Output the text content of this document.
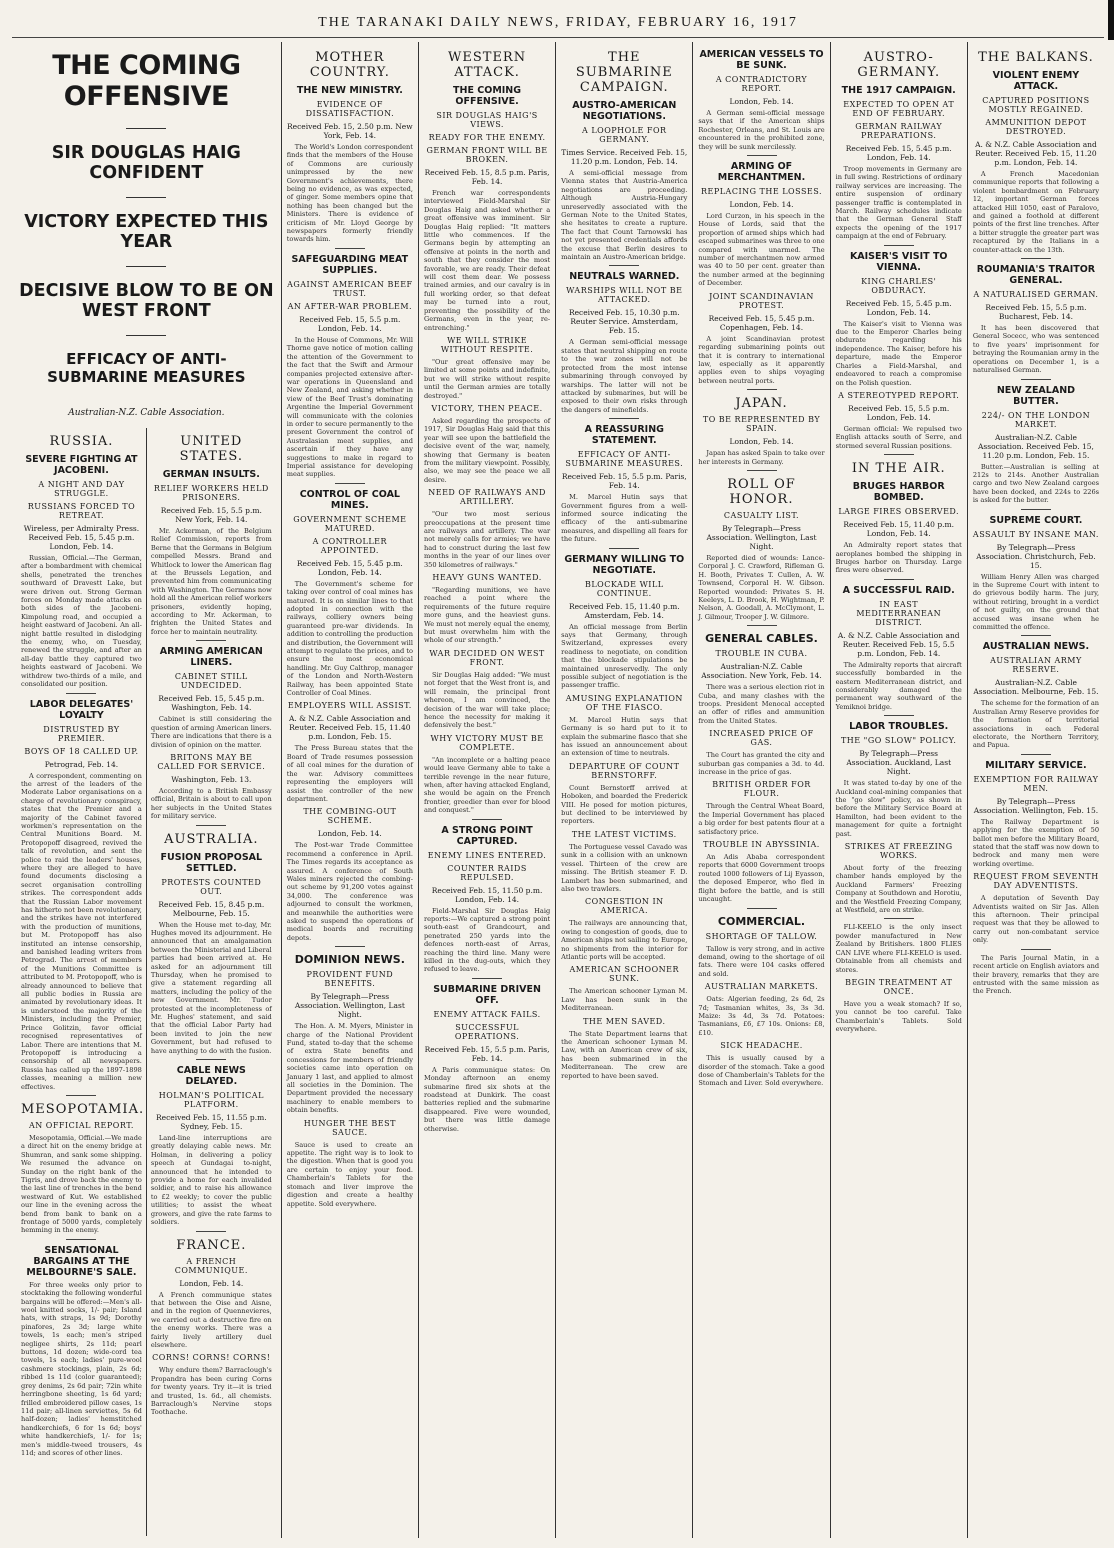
THE TARANAKI DAILY NEWS, FRIDAY, FEBRUARY 16, 1917
THE COMING OFFENSIVE
SIR DOUGLAS HAIG CONFIDENT
VICTORY EXPECTED THIS YEAR
DECISIVE BLOW TO BE ON WEST FRONT
EFFICACY OF ANTI-SUBMARINE MEASURES
Australian-N.Z. Cable Association.
RUSSIA.
SEVERE FIGHTING AT JACOBENI.
A NIGHT AND DAY STRUGGLE.
RUSSIANS FORCED TO RETREAT.
Wireless, per Admiralty Press. Received Feb. 15, 5.45 p.m. London, Feb. 14.

Russian, Official.—The German, after a bombardment with chemical shells, penetrated the trenches southward of Dravestt Lake, but were driven out. Strong German forces on Monday made attacks on both sides of the Jacobeni-Kimpolung road, and occupied a height eastward of Jacobeni. An all-night battle resulted in dislodging the enemy, who, on Tuesday, renewed the struggle, and after an all-day battle they captured two heights eastward of Jacobeni. We withdrew two-thirds of a mile, and consolidated our position.

LABOR DELEGATES' LOYALTY
DISTRUSTED BY PREMIER.
BOYS OF 18 CALLED UP.
Petrograd, Feb. 14.

A correspondent, commenting on the arrest of the leaders of the Moderate Labor organisations on a charge of revolutionary conspiracy, states that the Premier and a majority of the Cabinet favored workmen's representation on the Central Munitions Board. M. Protopopoff disagreed, revived the talk of revolution, and sent the police to raid the leaders' houses, where they are alleged to have found documents disclosing a secret organisation controlling strikes. The correspondent adds that the Russian Labor movement has hitherto not been revolutionary, and the strikes have not interfered with the production of munitions, but M. Protopopoff has also instituted an intense censorship, and banished leading writers from Petrograd. The arrest of members of the Munitions Committee is attributed to M. Protopopoff, who is already announced to believe that all public bodies in Russia are animated by revolutionary ideas. It is understood the majority of the Ministers, including the Premier, Prince Golitzin, favor official recognised representatives of Labor. There are intentions that M. Protopopoff is introducing a censorship of all newspapers. Russia has called up the 1897-1898 classes, meaning a million new effectives.

MESOPOTAMIA.
AN OFFICIAL REPORT.

Mesopotamia, Official.—We made a direct hit on the enemy bridge at Shumran, and sank some shipping. We resumed the advance on Sunday on the right bank of the Tigris, and drove back the enemy to the last line of trenches in the bend westward of Kut. We established our line in the evening across the bend from bank to bank on a frontage of 5000 yards, completely hemming in the enemy.

SENSATIONAL BARGAINS AT THE MELBOURNE'S SALE.

For three weeks only prior to stocktaking the following wonderful bargains will be offered:—Men's all-wool knitted socks, 1/- pair; Island hats, with straps, 1s 9d; Dorothy pinafores, 2s 3d; large white towels, 1s each; men's striped negligee shirts, 2s 11d; pearl buttons, 1d dozen; wide-cord tea towels, 1s each; ladies' pure-wool cashmere stockings, plain, 2s 6d; ribbed 1s 11d (color guaranteed); grey denims, 2s 6d pair; 72in white herringbone sheeting, 1s 6d yard; frilled embroidered pillow cases, 1s 11d pair; all-linen serviettes, 5s 6d half-dozen; ladies' hemstitched handkerchiefs, 6 for 1s 6d; boys' white handkerchiefs, 1/- for 1s; men's middle-tweed trousers, 4s 11d; and scores of other lines.

UNITED STATES.
GERMAN INSULTS.
RELIEF WORKERS HELD PRISONERS.
Received Feb. 15, 5.5 p.m. New York, Feb. 14.

Mr. Ackerman, of the Belgium Relief Commission, reports from Berne that the Germans in Belgium compelled Messrs. Brand and Whitlock to lower the American flag at the Brussels Legation, and prevented him from communicating with Washington. The Germans now hold all the American relief workers prisoners, evidently hoping, according to Mr. Ackerman, to frighten the United States and force her to maintain neutrality.

ARMING AMERICAN LINERS.
CABINET STILL UNDECIDED.
Received Feb. 15, 5.45 p.m. Washington, Feb. 14.

Cabinet is still considering the question of arming American liners. There are indications that there is a division of opinion on the matter.

BRITONS MAY BE CALLED FOR SERVICE.
Washington, Feb. 13.

According to a British Embassy official, Britain is about to call upon her subjects in the United States for military service.

AUSTRALIA.
FUSION PROPOSAL SETTLED.
PROTESTS COUNTED OUT.
Received Feb. 15, 8.45 p.m. Melbourne, Feb. 15.

When the House met to-day, Mr. Hughes moved its adjournment. He announced that an amalgamation between the Ministerial and Liberal parties had been arrived at. He asked for an adjournment till Thursday, when he promised to give a statement regarding all matters, including the policy of the new Government. Mr. Tudor protested at the incompleteness of Mr. Hughes' statement, and said that the official Labor Party had been invited to join the new Government, but had refused to have anything to do with the fusion.

CABLE NEWS DELAYED.
HOLMAN'S POLITICAL PLATFORM.
Received Feb. 15, 11.55 p.m. Sydney, Feb. 15.

Land-line interruptions are greatly delaying cable news. Mr. Holman, in delivering a policy speech at Gundagai to-night, announced that he intended to provide a home for each invalided soldier, and to raise his allowance to £2 weekly; to cover the public utilities; to assist the wheat growers, and give the rate farms to soldiers.

FRANCE.
A FRENCH COMMUNIQUE.
London, Feb. 14.

A French communique states that between the Oise and Aisne, and in the region of Quennevieres, we carried out a destructive fire on the enemy works. There was a fairly lively artillery duel elsewhere.

CORNS! CORNS! CORNS!

Why endure them? Barraclough's Propandra has been curing Corns for twenty years. Try it—it is tried and trusted, 1s. 6d., all chemists. Barraclough's Nervine stops Toothache.

MOTHER COUNTRY.
THE NEW MINISTRY.
EVIDENCE OF DISSATISFACTION.
Received Feb. 15, 2.50 p.m. New York, Feb. 14.

The World's London correspondent finds that the members of the House of Commons are curiously unimpressed by the new Government's achievements, there being no evidence, as was expected, of ginger. Some members opine that nothing has been changed but the Ministers. There is evidence of criticism of Mr. Lloyd George by newspapers formerly friendly towards him.

SAFEGUARDING MEAT SUPPLIES.
AGAINST AMERICAN BEEF TRUST.
AN AFTER-WAR PROBLEM.
Received Feb. 15, 5.5 p.m. London, Feb. 14.

In the House of Commons, Mr. Will Thorne gave notice of motion calling the attention of the Government to the fact that the Swift and Armour companies projected extensive after-war operations in Queensland and New Zealand, and asking whether in view of the Beef Trust's dominating Argentine the Imperial Government will communicate with the colonies in order to secure permanently to the present Government the control of Australasian meat supplies, and ascertain if they have any suggestions to make in regard to Imperial assistance for developing meat supplies.

CONTROL OF COAL MINES.
GOVERNMENT SCHEME MATURED.
A CONTROLLER APPOINTED.
Received Feb. 15, 5.45 p.m. London, Feb. 14.

The Government's scheme for taking over control of coal mines has matured. It is on similar lines to that adopted in connection with the railways, colliery owners being guaranteed pre-war dividends. In addition to controlling the production and distribution, the Government will attempt to regulate the prices, and to ensure the most economical handling. Mr. Guy Calthrop, manager of the London and North-Western Railway, has been appointed State Controller of Coal Mines.

EMPLOYERS WILL ASSIST.
A. & N.Z. Cable Association and Reuter. Received Feb. 15, 11.40 p.m. London, Feb. 15.

The Press Bureau states that the Board of Trade resumes possession of all coal mines for the duration of the war. Advisory committees representing the employers will assist the controller of the new department.

THE COMBING-OUT SCHEME.
London, Feb. 14.

The Post-war Trade Committee recommend a conference in April. The Times regards its acceptance as assured. A conference of South Wales miners rejected the combing-out scheme by 91,200 votes against 34,000. The conference was adjourned to consult the workmen, and meanwhile the authorities were asked to suspend the operations of medical boards and recruiting depots.

DOMINION NEWS.
PROVIDENT FUND BENEFITS.
By Telegraph—Press Association. Wellington, Last Night.

The Hon. A. M. Myers, Minister in charge of the National Provident Fund, stated to-day that the scheme of extra State benefits and concessions for members of friendly societies came into operation on January 1 last, and applied to almost all societies in the Dominion. The Department provided the necessary machinery to enable members to obtain benefits.

HUNGER THE BEST SAUCE.

Sauce is used to create an appetite. The right way is to look to the digestion. When that is good you are certain to enjoy your food. Chamberlain's Tablets for the stomach and liver improve the digestion and create a healthy appetite. Sold everywhere.

WESTERN ATTACK.
THE COMING OFFENSIVE.
SIR DOUGLAS HAIG'S VIEWS.
READY FOR THE ENEMY.
GERMAN FRONT WILL BE BROKEN.
Received Feb. 15, 8.5 p.m. Paris, Feb. 14.

French war correspondents interviewed Field-Marshal Sir Douglas Haig and asked whether a great offensive was imminent. Sir Douglas Haig replied: "It matters little who commences. If the Germans begin by attempting an offensive at points in the north and south that they consider the most favorable, we are ready. Their defeat will cost them dear. We possess trained armies, and our cavalry is in full working order, so that defeat may be turned into a rout, preventing the possibility of the Germans, even in the year, re-entrenching."

WE WILL STRIKE WITHOUT RESPITE.

"Our great offensive may be limited at some points and indefinite, but we will strike without respite until the German armies are totally destroyed."

VICTORY, THEN PEACE.

Asked regarding the prospects of 1917, Sir Douglas Haig said that this year will see upon the battlefield the decisive event of the war, namely, showing that Germany is beaten from the military viewpoint. Possibly, also, we may see the peace we all desire.

NEED OF RAILWAYS AND ARTILLERY.

"Our two most serious preoccupations at the present time are railways and artillery. The war not merely calls for armies; we have had to construct during the last few months in the year of our lines over 350 kilometres of railways."

HEAVY GUNS WANTED.

"Regarding munitions, we have reached a point where the requirements of the future require more guns, and the heaviest guns. We must not merely equal the enemy, but must overwhelm him with the whole of our strength."

WAR DECIDED ON WEST FRONT.

Sir Douglas Haig added: "We must not forget that the West front is, and will remain, the principal front whereon, I am convinced, the decision of the war will take place; hence the necessity for making it defensively the best."

WHY VICTORY MUST BE COMPLETE.

"An incomplete or a halting peace would leave Germany able to take a terrible revenge in the near future, when, after having attacked England, she would be again on the French frontier, greedier than ever for blood and conquest."

A STRONG POINT CAPTURED.
ENEMY LINES ENTERED.
COUNTER RAIDS REPULSED.
Received Feb. 15, 11.50 p.m. London, Feb. 14.

Field-Marshal Sir Douglas Haig reports:—We captured a strong point south-east of Grandcourt, and penetrated 250 yards into the defences north-east of Arras, reaching the third line. Many were killed in the dug-outs, which they refused to leave.

SUBMARINE DRIVEN OFF.
ENEMY ATTACK FAILS.
SUCCESSFUL OPERATIONS.
Received Feb. 15, 5.5 p.m. Paris, Feb. 14.

A Paris communique states: On Monday afternoon an enemy submarine fired six shots at the roadstead at Dunkirk. The coast batteries replied and the submarine disappeared. Five were wounded, but there was little damage otherwise.

THE SUBMARINE CAMPAIGN.
AUSTRO-AMERICAN NEGOTIATIONS.
A LOOPHOLE FOR GERMANY.
Times Service. Received Feb. 15, 11.20 p.m. London, Feb. 14.

A semi-official message from Vienna states that Austria-America negotiations are proceeding. Although Austria-Hungary unreservedly associated with the German Note to the United States, she hesitates to create a rupture. The fact that Count Tarnowski has not yet presented credentials affords the excuse that Berlin desires to maintain an Austro-American bridge.

NEUTRALS WARNED.
WARSHIPS WILL NOT BE ATTACKED.
Received Feb. 15, 10.30 p.m. Reuter Service. Amsterdam, Feb. 15.

A German semi-official message states that neutral shipping en route to the war zones will not be protected from the most intense submarining through convoyed by warships. The latter will not be attacked by submarines, but will be exposed to their own risks through the dangers of minefields.

A REASSURING STATEMENT.
EFFICACY OF ANTI-SUBMARINE MEASURES.
Received Feb. 15, 5.5 p.m. Paris, Feb. 14.

M. Marcel Hutin says that Government figures from a well-informed source indicating the efficacy of the anti-submarine measures, and dispelling all fears for the future.

GERMANY WILLING TO NEGOTIATE.
BLOCKADE WILL CONTINUE.
Received Feb. 15, 11.40 p.m. Amsterdam, Feb. 14.

An official message from Berlin says that Germany, through Switzerland, expresses every readiness to negotiate, on condition that the blockade stipulations be maintained unreservedly. The only possible subject of negotiation is the passenger traffic.

AMUSING EXPLANATION OF THE FIASCO.

M. Marcel Hutin says that Germany is so hard put to it to explain the submarine fiasco that she has issued an announcement about an extension of time to neutrals.

DEPARTURE OF COUNT BERNSTORFF.

Count Bernstorff arrived at Hoboken, and boarded the Frederick VIII. He posed for motion pictures, but declined to be interviewed by reporters.

THE LATEST VICTIMS.

The Portuguese vessel Cavado was sunk in a collision with an unknown vessel. Thirteen of the crew are missing. The British steamer F. D. Lambert has been submarined, and also two trawlers.

CONGESTION IN AMERICA.

The railways are announcing that, owing to congestion of goods, due to American ships not sailing to Europe, no shipments from the interior for Atlantic ports will be accepted.

AMERICAN SCHOONER SUNK.

The American schooner Lyman M. Law has been sunk in the Mediterranean.

THE MEN SAVED.

The State Department learns that the American schooner Lyman M. Law, with an American crew of six, has been submarined in the Mediterranean. The crew are reported to have been saved.

AMERICAN VESSELS TO BE SUNK.
A CONTRADICTORY REPORT.
London, Feb. 14.

A German semi-official message says that if the American ships Rochester, Orleans, and St. Louis are encountered in the prohibited zone, they will be sunk mercilessly.

ARMING OF MERCHANTMEN.
REPLACING THE LOSSES.
London, Feb. 14.

Lord Curzon, in his speech in the House of Lords, said that the proportion of armed ships which had escaped submarines was three to one compared with unarmed. The number of merchantmen now armed was 40 to 50 per cent. greater than the number armed at the beginning of December.

JOINT SCANDINAVIAN PROTEST.
Received Feb. 15, 5.45 p.m. Copenhagen, Feb. 14.

A joint Scandinavian protest regarding submarining points out that it is contrary to international law, especially as it apparently applies even to ships voyaging between neutral ports.

JAPAN.
TO BE REPRESENTED BY SPAIN.
London, Feb. 14.

Japan has asked Spain to take over her interests in Germany.

ROLL OF HONOR.
CASUALTY LIST.
By Telegraph—Press Association. Wellington, Last Night.

Reported died of wounds: Lance-Corporal J. C. Crawford, Rifleman G. H. Booth, Privates T. Cullen, A. W. Townsend, Corporal H. W. Gibson. Reported wounded: Privates S. H. Keeleys, L. D. Brook, H. Wightman, P. Nelson, A. Goodall, A. McClymont, L. J. Gilmour, Trooper J. W. Gilmore.

GENERAL CABLES.
TROUBLE IN CUBA.
Australian-N.Z. Cable Association. New York, Feb. 14.

There was a serious election riot in Cuba, and many clashes with the troops. President Menocal accepted an offer of rifles and ammunition from the United States.

INCREASED PRICE OF GAS.

The Court has granted the city and suburban gas companies a 3d. to 4d. increase in the price of gas.

BRITISH ORDER FOR FLOUR.

Through the Central Wheat Board, the Imperial Government has placed a big order for best patents flour at a satisfactory price.

TROUBLE IN ABYSSINIA.

An Adis Ababa correspondent reports that 6000 Government troops routed 1000 followers of Lij Eyasson, the deposed Emperor, who fled in flight before the battle, and is still uncaught.

COMMERCIAL.
SHORTAGE OF TALLOW.

Tallow is very strong, and in active demand, owing to the shortage of oil fats. There were 104 casks offered and sold.

AUSTRALIAN MARKETS.

Oats: Algerian feeding, 2s 6d, 2s 7d; Tasmanian whites, 3s, 3s 3d. Maize: 3s 4d, 3s 7d. Potatoes: Tasmanians, £6, £7 10s. Onions: £8, £10.

SICK HEADACHE.

This is usually caused by a disorder of the stomach. Take a good dose of Chamberlain's Tablets for the Stomach and Liver. Sold everywhere.

AUSTRO-GERMANY.
THE 1917 CAMPAIGN.
EXPECTED TO OPEN AT END OF FEBRUARY.
GERMAN RAILWAY PREPARATIONS.
Received Feb. 15, 5.45 p.m. London, Feb. 14.

Troop movements in Germany are in full swing. Restrictions of ordinary railway services are increasing. The entire suspension of ordinary passenger traffic is contemplated in March. Railway schedules indicate that the German General Staff expects the opening of the 1917 campaign at the end of February.

KAISER'S VISIT TO VIENNA.
KING CHARLES' OBDURACY.
Received Feb. 15, 5.45 p.m. London, Feb. 14.

The Kaiser's visit to Vienna was due to the Emperor Charles being obdurate regarding his independence. The Kaiser, before his departure, made the Emperor Charles a Field-Marshal, and endeavored to reach a compromise on the Polish question.

A STEREOTYPED REPORT.
Received Feb. 15, 5.5 p.m. London, Feb. 14.

German official: We repulsed two English attacks south of Serre, and stormed several Russian positions.

IN THE AIR.
BRUGES HARBOR BOMBED.
LARGE FIRES OBSERVED.
Received Feb. 15, 11.40 p.m. London, Feb. 14.

An Admiralty report states that aeroplanes bombed the shipping in Bruges harbor on Thursday. Large fires were observed.

A SUCCESSFUL RAID.
IN EAST MEDITERRANEAN DISTRICT.
A. & N.Z. Cable Association and Reuter. Received Feb. 15, 5.5 p.m. London, Feb. 14.

The Admiralty reports that aircraft successfully bombarded in the eastern Mediterranean district, and considerably damaged the permanent way southward of the Yemiknoi bridge.

LABOR TROUBLES.
THE "GO SLOW" POLICY.
By Telegraph—Press Association. Auckland, Last Night.

It was stated to-day by one of the Auckland coal-mining companies that the "go slow" policy, as shown in before the Military Service Board at Hamilton, had been evident to the management for quite a fortnight past.

STRIKES AT FREEZING WORKS.

About forty of the freezing chamber hands employed by the Auckland Farmers' Freezing Company at Southdown and Horotiu, and the Westfield Freezing Company, at Westfield, are on strike.

FLI-KEELO is the only insect powder manufactured in New Zealand by Britishers. 1800 FLIES CAN LIVE where FLI-KEELO is used. Obtainable from all chemists and stores.

BEGIN TREATMENT AT ONCE.

Have you a weak stomach? If so, you cannot be too careful. Take Chamberlain's Tablets. Sold everywhere.

THE BALKANS.
VIOLENT ENEMY ATTACK.
CAPTURED POSITIONS MOSTLY REGAINED.
AMMUNITION DEPOT DESTROYED.
A. & N.Z. Cable Association and Reuter. Received Feb. 15, 11.20 p.m. London, Feb. 14.

A French Macedonian communique reports that following a violent bombardment on February 12, important German forces attacked Hill 1050, east of Paralovo, and gained a foothold at different points of the first line trenches. After a bitter struggle the greater part was recaptured by the Italians in a counter-attack on the 13th.

ROUMANIA'S TRAITOR GENERAL.
A NATURALISED GERMAN.
Received Feb. 15, 5.5 p.m. Bucharest, Feb. 14.

It has been discovered that General Socecc, who was sentenced to five years' imprisonment for betraying the Roumanian army in the operations on December 1, is a naturalised German.

NEW ZEALAND BUTTER.
224/- ON THE LONDON MARKET.
Australian-N.Z. Cable Association. Received Feb. 15, 11.20 p.m. London, Feb. 15.

Butter.—Australian is selling at 212s to 214s. Another Australian cargo and two New Zealand cargoes have been docked, and 224s to 226s is asked for the butter.

SUPREME COURT.
ASSAULT BY INSANE MAN.
By Telegraph—Press Association. Christchurch, Feb. 15.

William Henry Allen was charged in the Supreme Court with intent to do grievous bodily harm. The jury, without retiring, brought in a verdict of not guilty, on the ground that accused was insane when he committed the offence.

AUSTRALIAN NEWS.
AUSTRALIAN ARMY RESERVE.
Australian-N.Z. Cable Association. Melbourne, Feb. 15.

The scheme for the formation of an Australian Army Reserve provides for the formation of territorial associations in each Federal electorate, the Northern Territory, and Papua.

MILITARY SERVICE.
EXEMPTION FOR RAILWAY MEN.
By Telegraph—Press Association. Wellington, Feb. 15.

The Railway Department is applying for the exemption of 50 ballot men before the Military Board, stated that the staff was now down to bedrock and many men were working overtime.

REQUEST FROM SEVENTH DAY ADVENTISTS.

A deputation of Seventh Day Adventists waited on Sir Jas. Allen this afternoon. Their principal request was that they be allowed to carry out non-combatant service only.

The Paris Journal Matin, in a recent article on English aviators and their bravery, remarks that they are entrusted with the same mission as the French.
